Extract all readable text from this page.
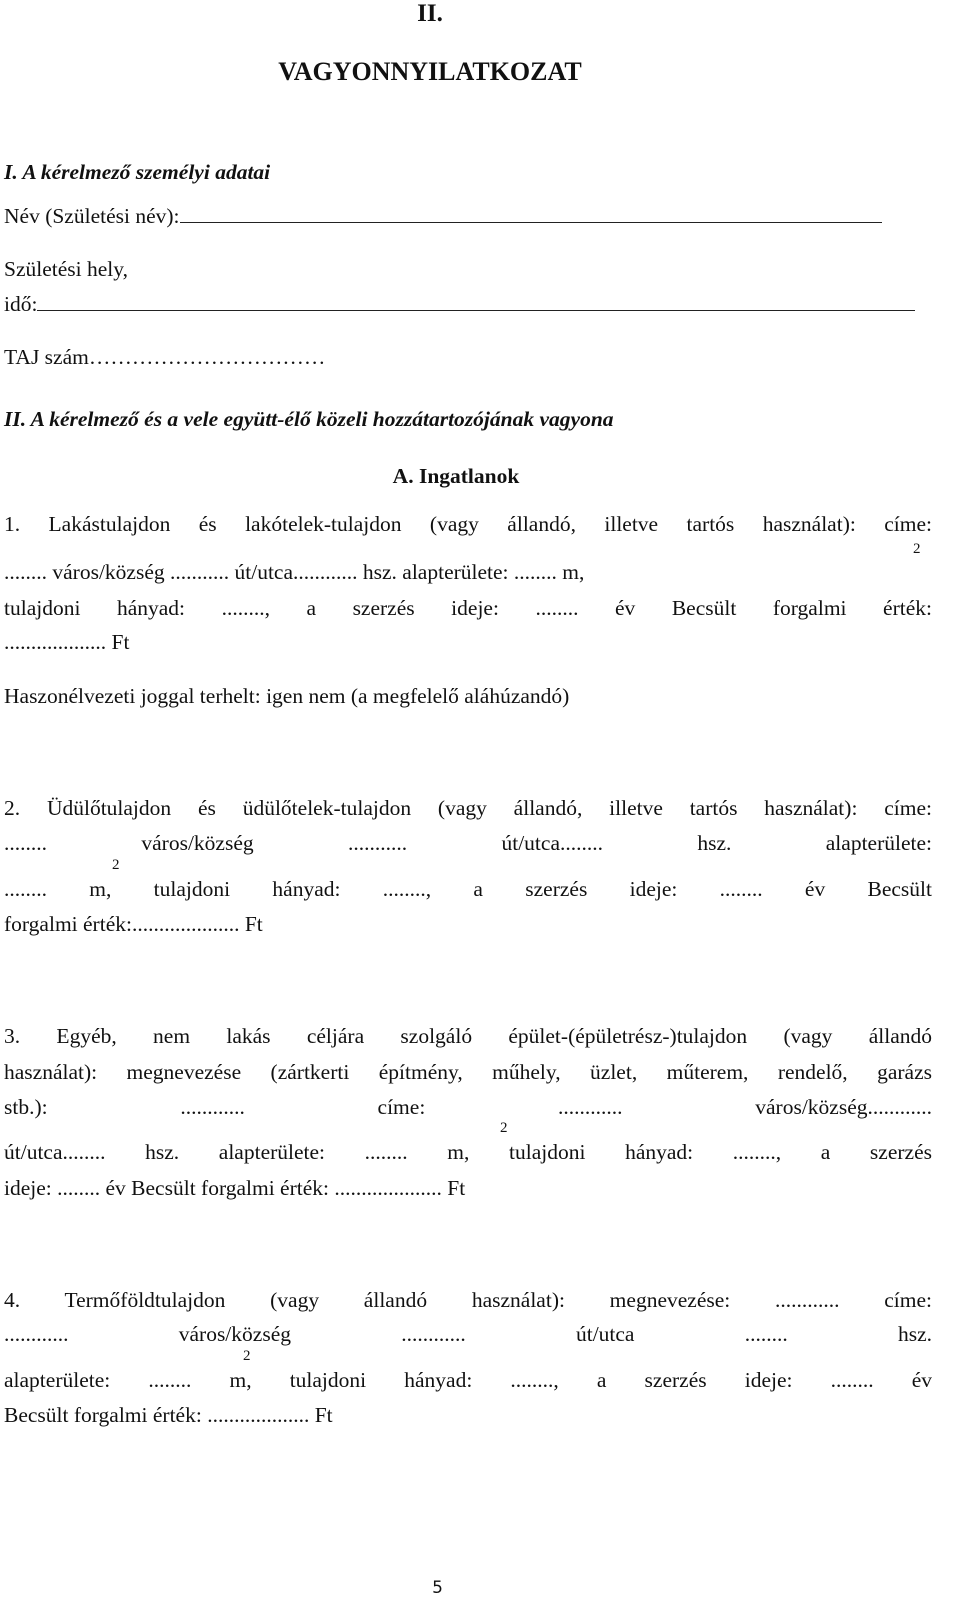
II.
VAGYONNYILATKOZAT
I. A kérelmező személyi adatai
Név (Születési név):
Születési hely,
idő:
TAJ szám……………………………
II. A kérelmező és a vele együtt-élő közeli hozzátartozójának vagyona
A. Ingatlanok
1. Lakástulajdon és lakótelek-tulajdon (vagy állandó, illetve tartós használat): címe:
........ város/község ........... út/utca............ hsz. alapterülete: ........ m,
2
tulajdoni hányad: ........, a szerzés ideje: ........ év Becsült forgalmi érték:
................... Ft
Haszonélvezeti joggal terhelt: igen nem (a megfelelő aláhúzandó)
2. Üdülőtulajdon és üdülőtelek-tulajdon (vagy állandó, illetve tartós használat): címe:
........ város/község ........... út/utca........ hsz. alapterülete:
........ m, tulajdoni hányad: ........, a szerzés ideje: ........ év Becsült
2
forgalmi érték:.................... Ft
3. Egyéb, nem lakás céljára szolgáló épület-(épületrész-)tulajdon (vagy állandó
használat): megnevezése (zártkerti építmény, műhely, üzlet, műterem, rendelő, garázs
stb.): ............ címe: ............ város/község............
út/utca........ hsz. alapterülete: ........ m, tulajdoni hányad: ........, a szerzés
2
ideje: ........ év Becsült forgalmi érték: .................... Ft
4. Termőföldtulajdon (vagy állandó használat): megnevezése: ............ címe:
............ város/község ............ út/utca ........ hsz.
alapterülete: ........ m, tulajdoni hányad: ........, a szerzés ideje: ........ év
2
Becsült forgalmi érték: ................... Ft
5
